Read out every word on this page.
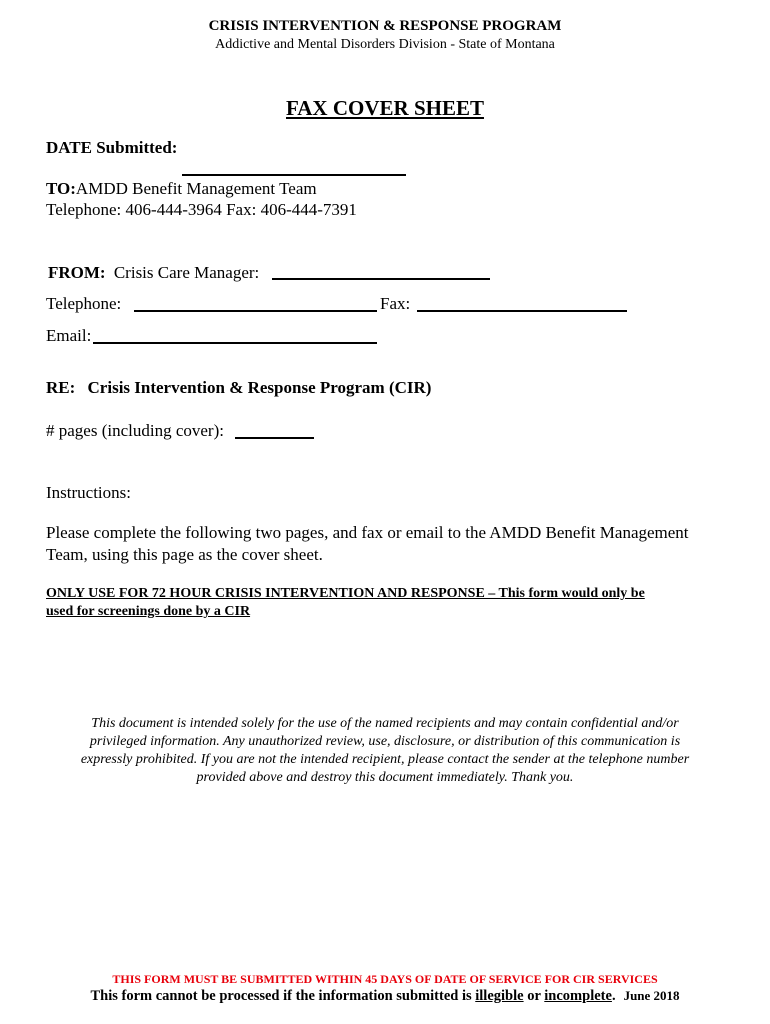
CRISIS INTERVENTION & RESPONSE PROGRAM
Addictive and Mental Disorders Division - State of Montana
FAX COVER SHEET
DATE Submitted:
TO:AMDD Benefit Management Team
Telephone: 406-444-3964 Fax: 406-444-7391
FROM: Crisis Care Manager:
Telephone:	Fax:
Email:
RE: Crisis Intervention & Response Program (CIR)
# pages (including cover):
Instructions:
Please complete the following two pages, and fax or email to the AMDD Benefit Management
Team, using this page as the cover sheet.
ONLY USE FOR 72 HOUR CRISIS INTERVENTION AND RESPONSE – This form would only be
used for screenings done by a CIR
This document is intended solely for the use of the named recipients and may contain confidential and/or
privileged information. Any unauthorized review, use, disclosure, or distribution of this communication is
expressly prohibited. If you are not the intended recipient, please contact the sender at the telephone number
provided above and destroy this document immediately. Thank you.
THIS FORM MUST BE SUBMITTED WITHIN 45 DAYS OF DATE OF SERVICE FOR CIR SERVICES
This form cannot be processed if the information submitted is illegible or incomplete. June 2018
